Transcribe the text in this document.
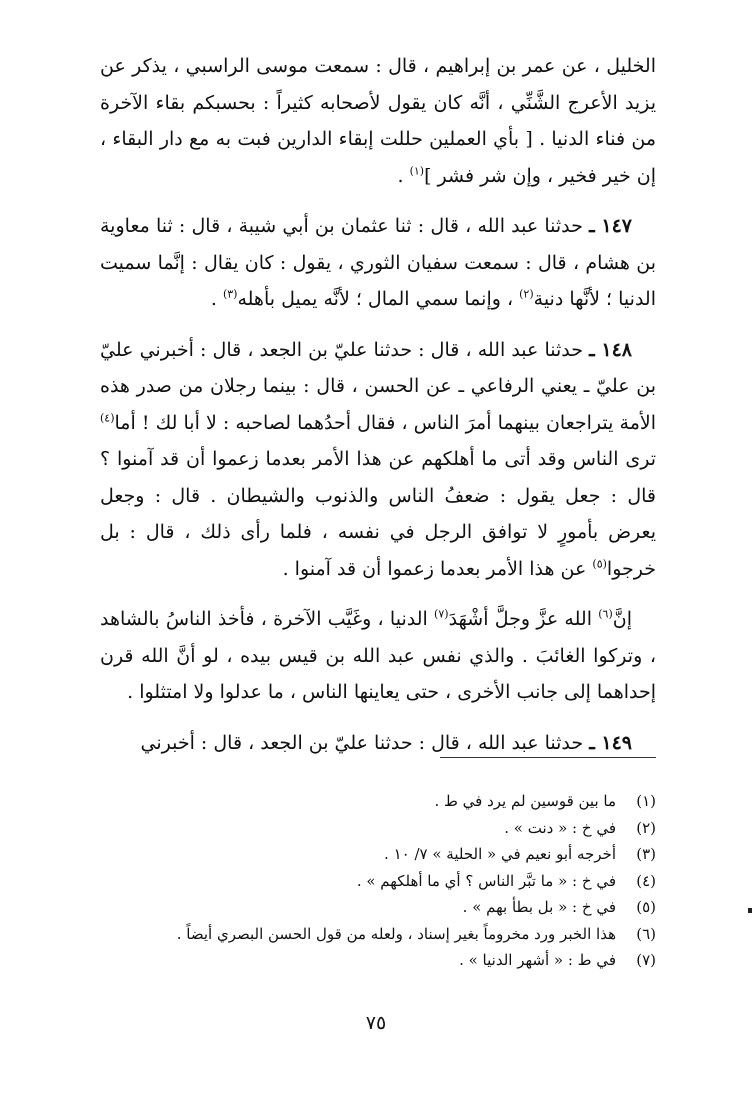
الخليل ، عن عمر بن إبراهيم ، قال : سمعت موسى الراسبي ، يذكر عن يزيد الأعرج الشَّنِّي ، أنَّه كان يقول لأصحابه كثيراً : بحسبكم بقاء الآخرة من فناء الدنيا . [ بأي العملين حللت إبقاء الدارين فبت به مع دار البقاء ، إن خير فخير ، وإن شر فشر ]$^{(١)}$ .

١٤٧ ـ حدثنا عبد الله ، قال : ثنا عثمان بن أبي شيبة ، قال : ثنا معاوية بن هشام ، قال : سمعت سفيان الثوري ، يقول : كان يقال : إنَّما سميت الدنيا ؛ لأنَّها دنية$^{(٢)}$ ، وإنما سمي المال ؛ لأنَّه يميل بأهله$^{(٣)}$ .

١٤٨ ـ حدثنا عبد الله ، قال : حدثنا عليّ بن الجعد ، قال : أخبرني عليّ بن عليّ ـ يعني الرفاعي ـ عن الحسن ، قال : بينما رجلان من صدر هذه الأمة يتراجعان بينهما أمرَ الناس ، فقال أحدُهما لصاحبه : لا أبا لك ! أما$^{(٤)}$ ترى الناس وقد أتى ما أهلكهم عن هذا الأمر بعدما زعموا أن قد آمنوا ؟ قال : جعل يقول : ضعفُ الناس والذنوب والشيطان . قال : وجعل يعرض بأمورٍ لا توافق الرجل في نفسه ، فلما رأى ذلك ، قال : بل خرجوا$^{(٥)}$ عن هذا الأمر بعدما زعموا أن قد آمنوا .

إنَّ$^{(٦)}$ الله عزَّ وجلَّ أشْهَدَ$^{(٧)}$ الدنيا ، وغَيَّب الآخرة ، فأخذ الناسُ بالشاهد ، وتركوا الغائبَ . والذي نفس عبد الله بن قيس بيده ، لو أنَّ الله قرن إحداهما إلى جانب الأخرى ، حتى يعاينها الناس ، ما عدلوا ولا امتثلوا .

١٤٩ ـ حدثنا عبد الله ، قال : حدثنا عليّ بن الجعد ، قال : أخبرني

(١)ما بين قوسين لم يرد في ط .
(٢)في خ : « دنت » .
(٣)أخرجه أبو نعيم في « الحلية » ٧/ ١٠ .
(٤)في خ : « ما تبَّر الناس ؟ أي ما أهلكهم » .
(٥)في خ : « بل بطأ بهم » .
(٦)هذا الخبر ورد مخروماً بغير إسناد ، ولعله من قول الحسن البصري أيضاً .
(٧)في ط : « أشهر الدنيا » .
٧٥
